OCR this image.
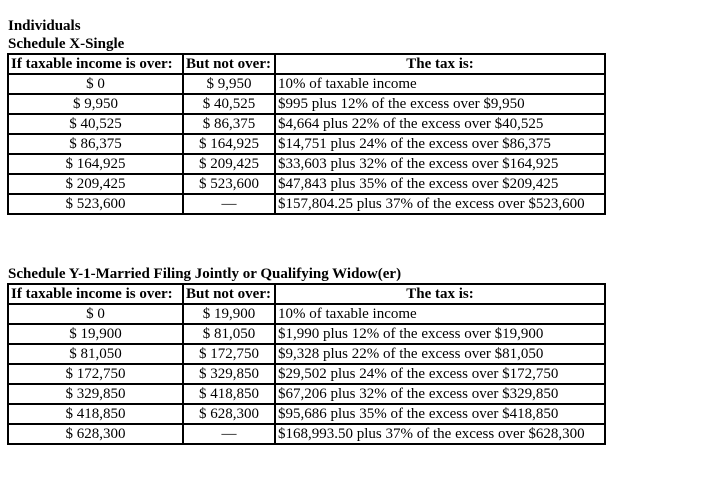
Individuals
Schedule X-Single
If taxable income is over:	But not over:	The tax is:
$ 0	$ 9,950	10% of taxable income
$ 9,950	$ 40,525	$995 plus 12% of the excess over $9,950
$ 40,525	$ 86,375	$4,664 plus 22% of the excess over $40,525
$ 86,375	$ 164,925	$14,751 plus 24% of the excess over $86,375
$ 164,925	$ 209,425	$33,603 plus 32% of the excess over $164,925
$ 209,425	$ 523,600	$47,843 plus 35% of the excess over $209,425
$ 523,600	—	$157,804.25 plus 37% of the excess over $523,600
Schedule Y-1-Married Filing Jointly or Qualifying Widow(er)
If taxable income is over:	But not over:	The tax is:
$ 0	$ 19,900	10% of taxable income
$ 19,900	$ 81,050	$1,990 plus 12% of the excess over $19,900
$ 81,050	$ 172,750	$9,328 plus 22% of the excess over $81,050
$ 172,750	$ 329,850	$29,502 plus 24% of the excess over $172,750
$ 329,850	$ 418,850	$67,206 plus 32% of the excess over $329,850
$ 418,850	$ 628,300	$95,686 plus 35% of the excess over $418,850
$ 628,300	—	$168,993.50 plus 37% of the excess over $628,300
